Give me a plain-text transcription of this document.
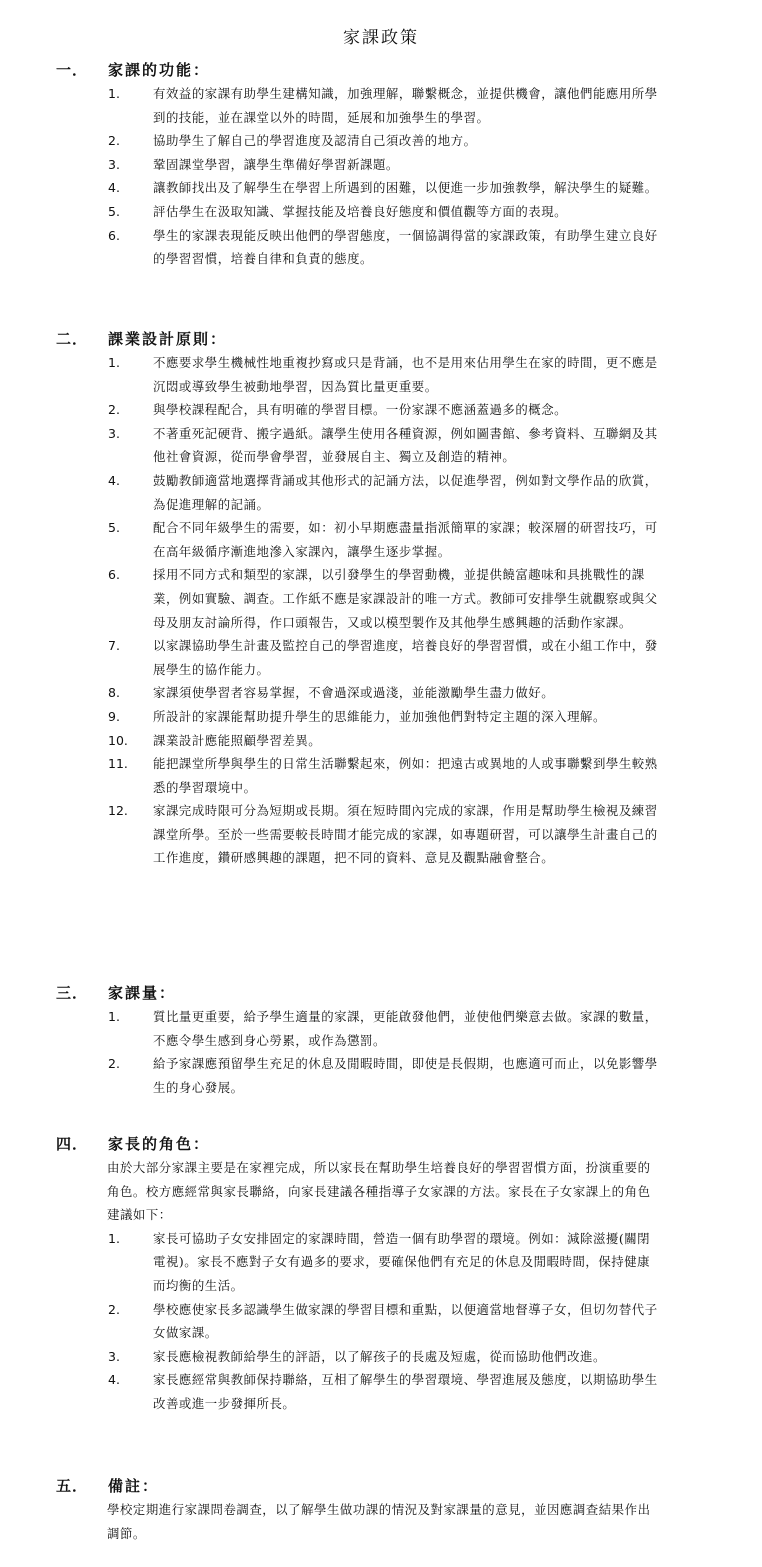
家課政策
一． 家課的功能：
1.	有效益的家課有助學生建構知識，加強理解，聯繫概念，並提供機會，讓他們能應用所學到的技能，並在課堂以外的時間，延展和加強學生的學習。
2.	協助學生了解自己的學習進度及認清自己須改善的地方。
3.	鞏固課堂學習，讓學生準備好學習新課題。
4.	讓教師找出及了解學生在學習上所遇到的困難，以便進一步加強教學，解決學生的疑難。
5.	評估學生在汲取知識、掌握技能及培養良好態度和價值觀等方面的表現。
6.	學生的家課表現能反映出他們的學習態度，一個協調得當的家課政策，有助學生建立良好的學習習慣，培養自律和負責的態度。
二． 課業設計原則：
1.	不應要求學生機械性地重複抄寫或只是背誦，也不是用來佔用學生在家的時間，更不應是沉悶或導致學生被動地學習，因為質比量更重要。
2.	與學校課程配合，具有明確的學習目標。一份家課不應涵蓋過多的概念。
3.	不著重死記硬背、搬字過紙。讓學生使用各種資源，例如圖書館、參考資料、互聯網及其他社會資源，從而學會學習，並發展自主、獨立及創造的精神。
4.	鼓勵教師適當地選擇背誦或其他形式的記誦方法，以促進學習，例如對文學作品的欣賞，為促進理解的記誦。
5.	配合不同年級學生的需要，如：初小早期應盡量指派簡單的家課；較深層的研習技巧，可在高年級循序漸進地滲入家課內，讓學生逐步掌握。
6.	採用不同方式和類型的家課，以引發學生的學習動機，並提供饒富趣味和具挑戰性的課業，例如實驗、調查。工作紙不應是家課設計的唯一方式。教師可安排學生就觀察或與父母及朋友討論所得，作口頭報告，又或以模型製作及其他學生感興趣的活動作家課。
7.	以家課協助學生計畫及監控自己的學習進度，培養良好的學習習慣，或在小組工作中，發展學生的協作能力。
8.	家課須使學習者容易掌握，不會過深或過淺，並能激勵學生盡力做好。
9.	所設計的家課能幫助提升學生的思維能力，並加強他們對特定主題的深入理解。
10. 課業設計應能照顧學習差異。
11. 能把課堂所學與學生的日常生活聯繫起來，例如：把遠古或異地的人或事聯繫到學生較熟悉的學習環境中。
12. 家課完成時限可分為短期或長期。須在短時間內完成的家課，作用是幫助學生檢視及練習課堂所學。至於一些需要較長時間才能完成的家課，如專題研習，可以讓學生計畫自己的工作進度，鑽研感興趣的課題，把不同的資料、意見及觀點融會整合。
三． 家課量：
1.	質比量更重要，給予學生適量的家課，更能啟發他們，並使他們樂意去做。家課的數量，不應令學生感到身心勞累，或作為懲罰。
2.	給予家課應預留學生充足的休息及閒暇時間，即使是長假期，也應適可而止，以免影響學生的身心發展。
四． 家長的角色：
由於大部分家課主要是在家裡完成，所以家長在幫助學生培養良好的學習習慣方面，扮演重要的角色。校方應經常與家長聯絡，向家長建議各種指導子女家課的方法。家長在子女家課上的角色建議如下：
1.	家長可協助子女安排固定的家課時間，營造一個有助學習的環境。例如：減除滋擾(關閉電視)。家長不應對子女有過多的要求，要確保他們有充足的休息及閒暇時間，保持健康而均衡的生活。
2.	學校應使家長多認識學生做家課的學習目標和重點，以便適當地督導子女，但切勿替代子女做家課。
3.	家長應檢視教師給學生的評語，以了解孩子的長處及短處，從而協助他們改進。
4.	家長應經常與教師保持聯絡，互相了解學生的學習環境、學習進展及態度，以期協助學生改善或進一步發揮所長。
五． 備註：
學校定期進行家課問卷調查，以了解學生做功課的情況及對家課量的意見，並因應調查結果作出調節。
